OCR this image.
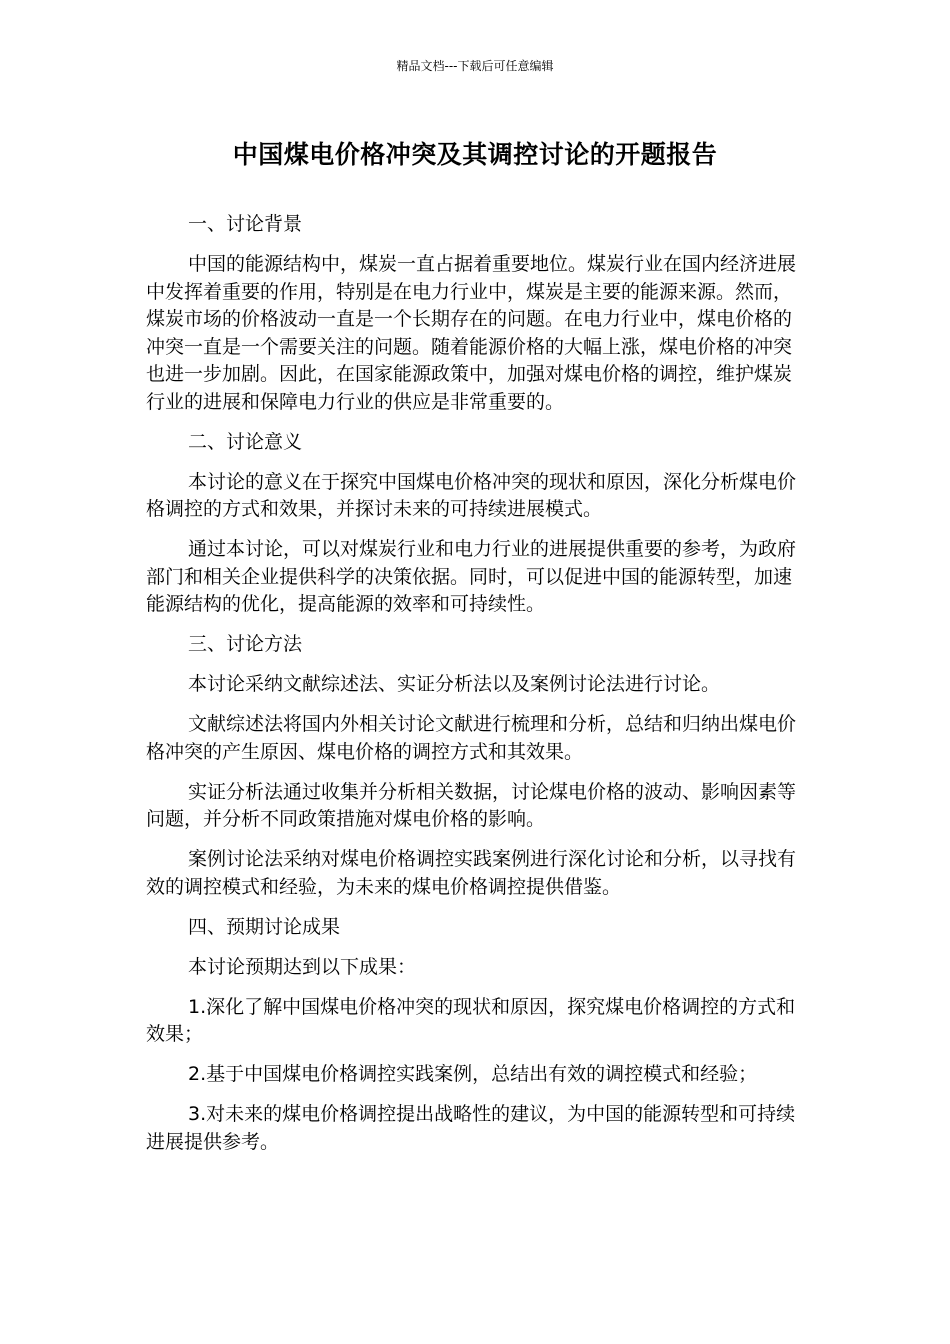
精品文档---下载后可任意编辑
中国煤电价格冲突及其调控讨论的开题报告
一、讨论背景

中国的能源结构中，煤炭一直占据着重要地位。煤炭行业在国内经济进展中发挥着重要的作用，特别是在电力行业中，煤炭是主要的能源来源。然而，煤炭市场的价格波动一直是一个长期存在的问题。在电力行业中，煤电价格的冲突一直是一个需要关注的问题。随着能源价格的大幅上涨，煤电价格的冲突也进一步加剧。因此，在国家能源政策中，加强对煤电价格的调控，维护煤炭行业的进展和保障电力行业的供应是非常重要的。

二、讨论意义

本讨论的意义在于探究中国煤电价格冲突的现状和原因，深化分析煤电价格调控的方式和效果，并探讨未来的可持续进展模式。

通过本讨论，可以对煤炭行业和电力行业的进展提供重要的参考，为政府部门和相关企业提供科学的决策依据。同时，可以促进中国的能源转型，加速能源结构的优化，提高能源的效率和可持续性。

三、讨论方法

本讨论采纳文献综述法、实证分析法以及案例讨论法进行讨论。

文献综述法将国内外相关讨论文献进行梳理和分析，总结和归纳出煤电价格冲突的产生原因、煤电价格的调控方式和其效果。

实证分析法通过收集并分析相关数据，讨论煤电价格的波动、影响因素等问题，并分析不同政策措施对煤电价格的影响。

案例讨论法采纳对煤电价格调控实践案例进行深化讨论和分析，以寻找有效的调控模式和经验，为未来的煤电价格调控提供借鉴。

四、预期讨论成果

本讨论预期达到以下成果：

1.深化了解中国煤电价格冲突的现状和原因，探究煤电价格调控的方式和效果；

2.基于中国煤电价格调控实践案例，总结出有效的调控模式和经验；

3.对未来的煤电价格调控提出战略性的建议，为中国的能源转型和可持续进展提供参考。
